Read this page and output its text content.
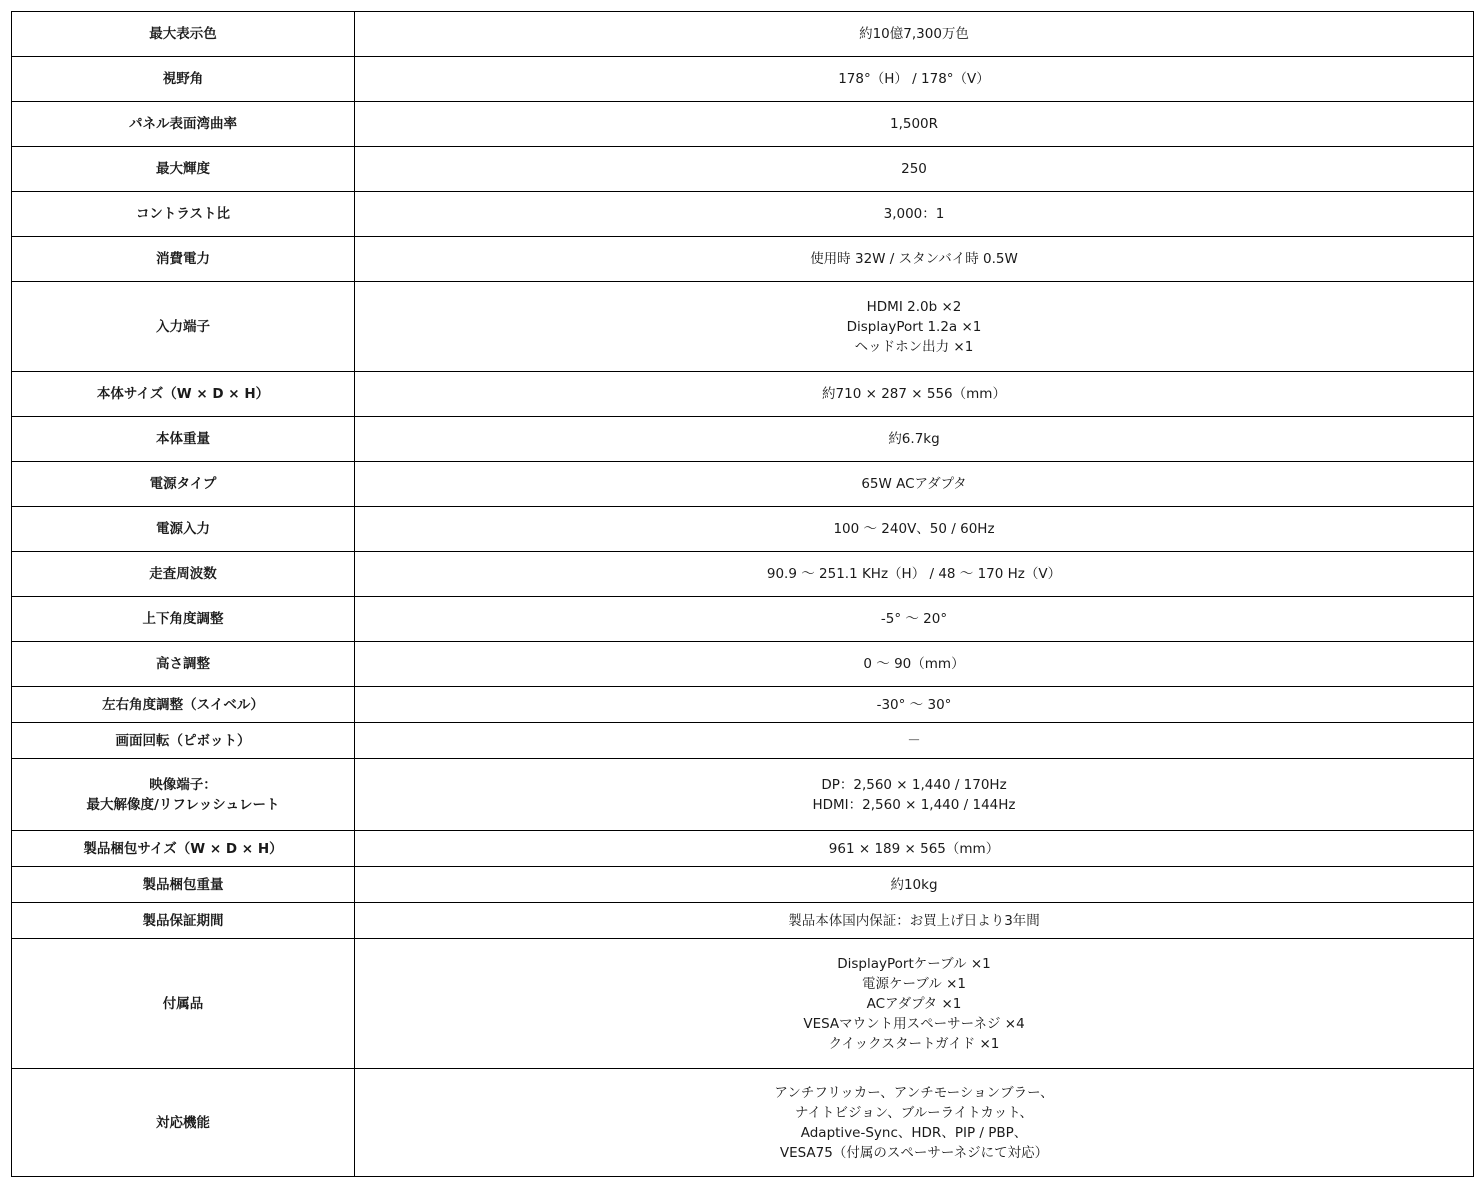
最大表示色	約10億7,300万色

視野角	178°（H） / 178°（V）

パネル表面湾曲率	1,500R

最大輝度	250

コントラスト比	3,000：1

消費電力	使用時 32W / スタンバイ時 0.5W

入力端子	HDMI 2.0b ×2
DisplayPort 1.2a ×1
ヘッドホン出力 ×1

本体サイズ（W × D × H）	約710 × 287 × 556（mm）

本体重量	約6.7kg

電源タイプ	65W ACアダプタ

電源入力	100 ～ 240V、50 / 60Hz

走査周波数	90.9 ～ 251.1 KHz（H） / 48 ～ 170 Hz（V）

上下角度調整	-5° ～ 20°

高さ調整	0 ～ 90（mm）

左右角度調整（スイベル）	-30° ～ 30°

画面回転（ピボット）	－

映像端子：
最大解像度/リフレッシュレート	DP：2,560 × 1,440 / 170Hz
HDMI：2,560 × 1,440 / 144Hz

製品梱包サイズ（W × D × H）	961 × 189 × 565（mm）

製品梱包重量	約10kg

製品保証期間	製品本体国内保証：お買上げ日より3年間

付属品	DisplayPortケーブル ×1
電源ケーブル ×1
ACアダプタ ×1
VESAマウント用スペーサーネジ ×4
クイックスタートガイド ×1

対応機能	アンチフリッカー、アンチモーションブラー、
ナイトビジョン、ブルーライトカット、
Adaptive-Sync、HDR、PIP / PBP、
VESA75（付属のスペーサーネジにて対応）
